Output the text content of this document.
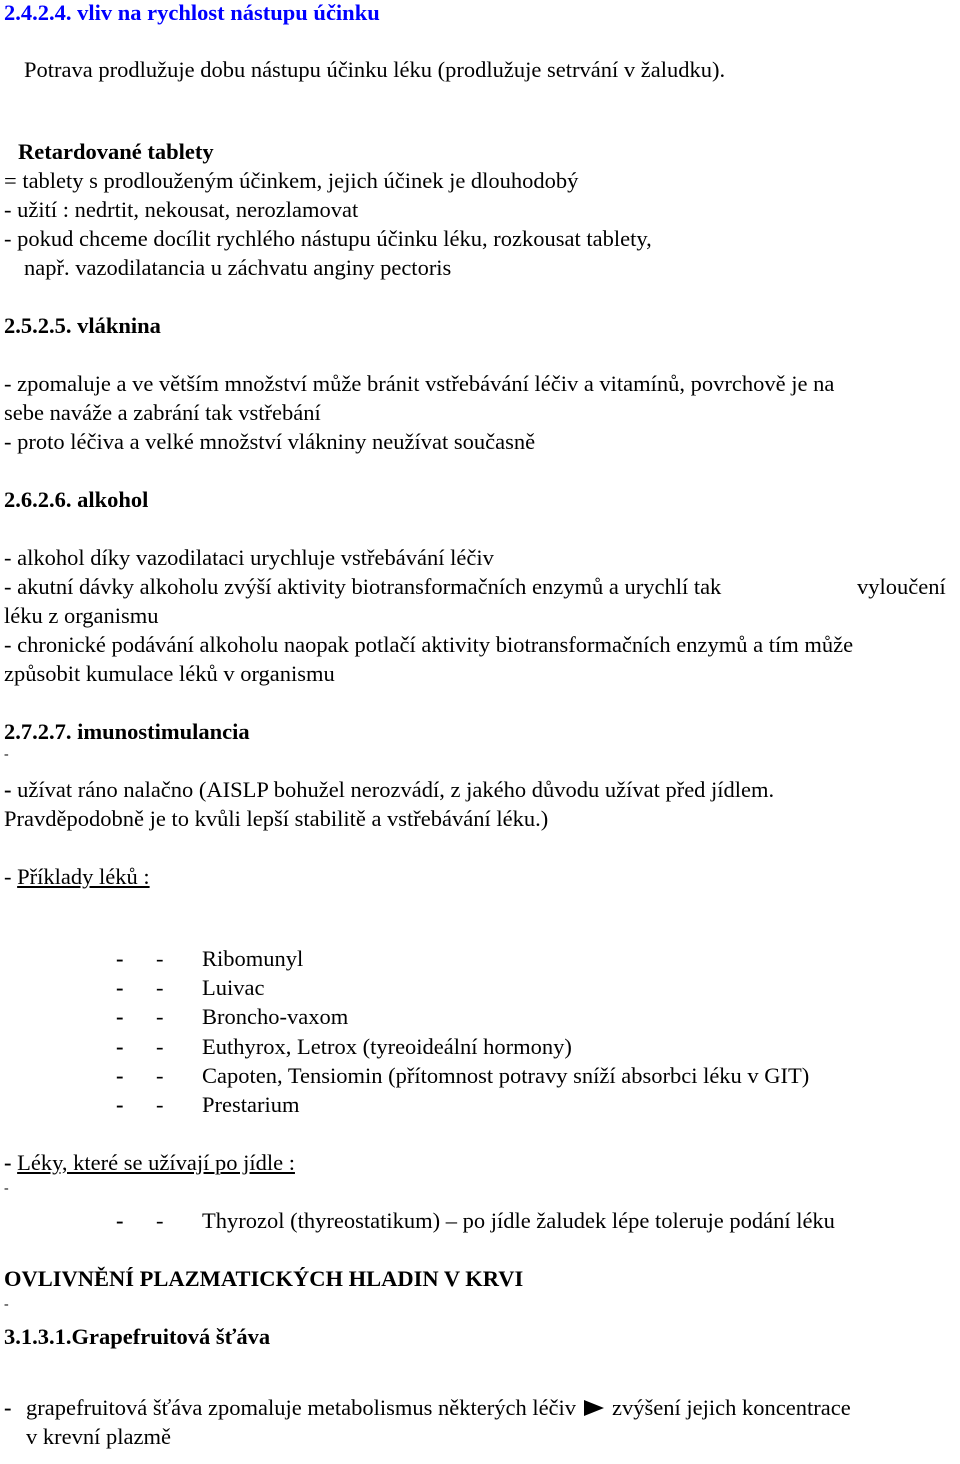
2.4.2.4. vliv na rychlost nástupu účinku
Potrava prodlužuje dobu nástupu účinku léku (prodlužuje setrvání v žaludku).
Retardované tablety
= tablety s prodlouženým účinkem, jejich účinek je dlouhodobý
- užití : nedrtit, nekousat, nerozlamovat
- pokud chceme docílit rychlého nástupu účinku léku, rozkousat tablety,
např. vazodilatancia u záchvatu anginy pectoris
2.5.2.5. vláknina
- zpomaluje a ve větším množství může bránit vstřebávání léčiv a vitamínů, povrchově je na
sebe naváže a zabrání tak vstřebání
- proto léčiva a velké množství vlákniny neužívat současně
2.6.2.6. alkohol
- alkohol díky vazodilataci urychluje vstřebávání léčiv
- akutní dávky alkoholu zvýší aktivity biotransformačních enzymů a urychlí tak	vyloučení
léku z organismu
- chronické podávání alkoholu naopak potlačí aktivity biotransformačních enzymů a tím může
způsobit kumulace léků v organismu
2.7.2.7. imunostimulancia
-
- užívat ráno nalačno (AISLP bohužel nerozvádí, z jakého důvodu užívat před jídlem.
Pravděpodobně je to kvůli lepší stabilitě a vstřebávání léku.)
- Příklady léků :
- - Ribomunyl
- - Luivac
- - Broncho-vaxom
- - Euthyrox, Letrox (tyreoideální hormony)
- - Capoten, Tensiomin (přítomnost potravy sníží absorbci léku v GIT)
- - Prestarium
- Léky, které se užívají po jídle :
-
- - Thyrozol (thyreostatikum) – po jídle žaludek lépe toleruje podání léku
OVLIVNĚNÍ PLAZMATICKÝCH HLADIN V KRVI
-
3.1.3.1.Grapefruitová šťáva
- grapefruitová šťáva zpomaluje metabolismus některých léčiv zvýšení jejich koncentrace
v krevní plazmě
